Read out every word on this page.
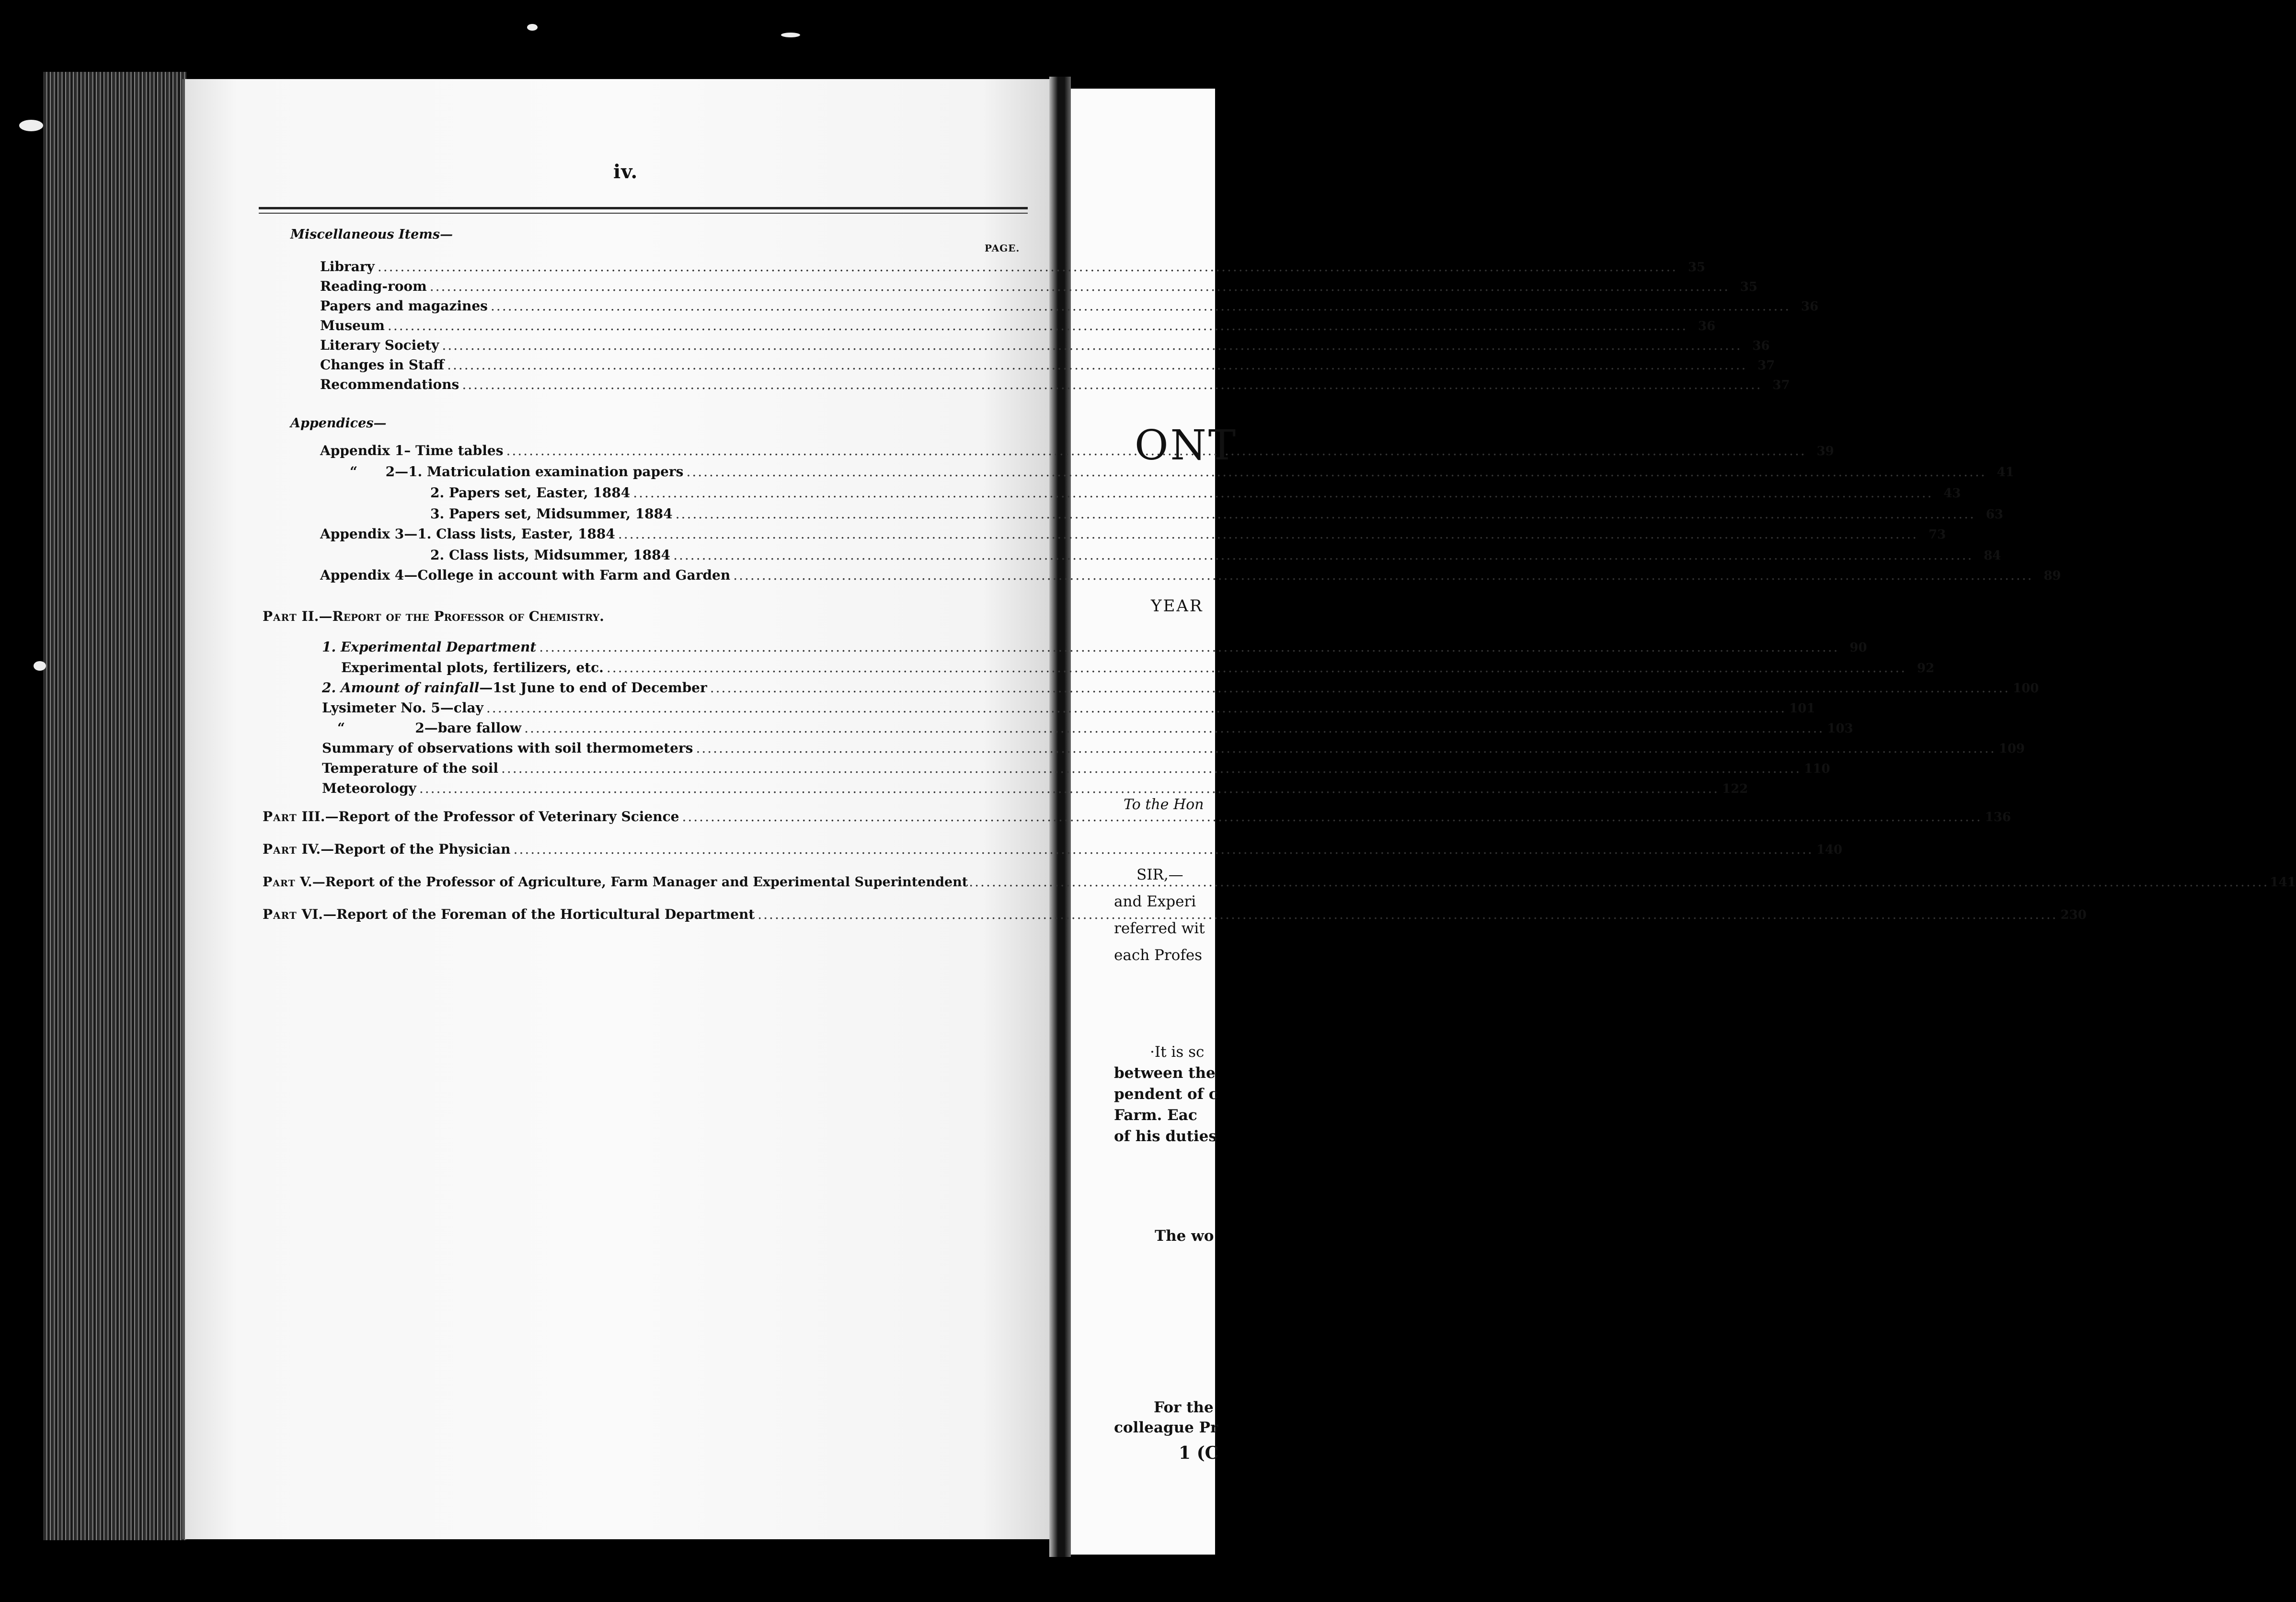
iv.
PAGE.
Miscellaneous Items—
Library .....	35
Reading-room .....	35
Papers and magazines .....	36
Museum .....	36
Literary Society .....	36
Changes in Staff .....	37
Recommendations .....	37
Appendices—
Appendix 1– Time tables .....	39
“      2—1. Matriculation examination papers .....	41
2. Papers set, Easter, 1884 .....	43
3. Papers set, Midsummer, 1884 .....	63
Appendix 3—1. Class lists, Easter, 1884 .....	73
2. Class lists, Midsummer, 1884 .....	84
Appendix 4—College in account with Farm and Garden .....	89
Part II.—Report of the Professor of Chemistry.
1. Experimental Department .....	90
Experimental plots, fertilizers, etc. .....	92
2. Amount of rainfall—1st June to end of December .....	100
Lysimeter No. 5—clay .....	101
“               2—bare fallow .....	103
Summary of observations with soil thermometers .....	109
Temperature of the soil .....	110
Meteorology .....	122
Part III.—Report of the Professor of Veterinary Science .....	136
Part IV.—Report of the Physician .....	140
Part V.—Report of the Professor of Agriculture, Farm Manager and Experimental Superintendent .....	141
Part VI.—Report of the Foreman of the Horticultural Department .....	230
ONT
YEAR
To the Hon
SIR,—
and Experi
referred wit
each Profes
·It is sc
between the
pendent of c
Farm. Eac
of his duties
The wo
For the
colleague Pr
1 (C
